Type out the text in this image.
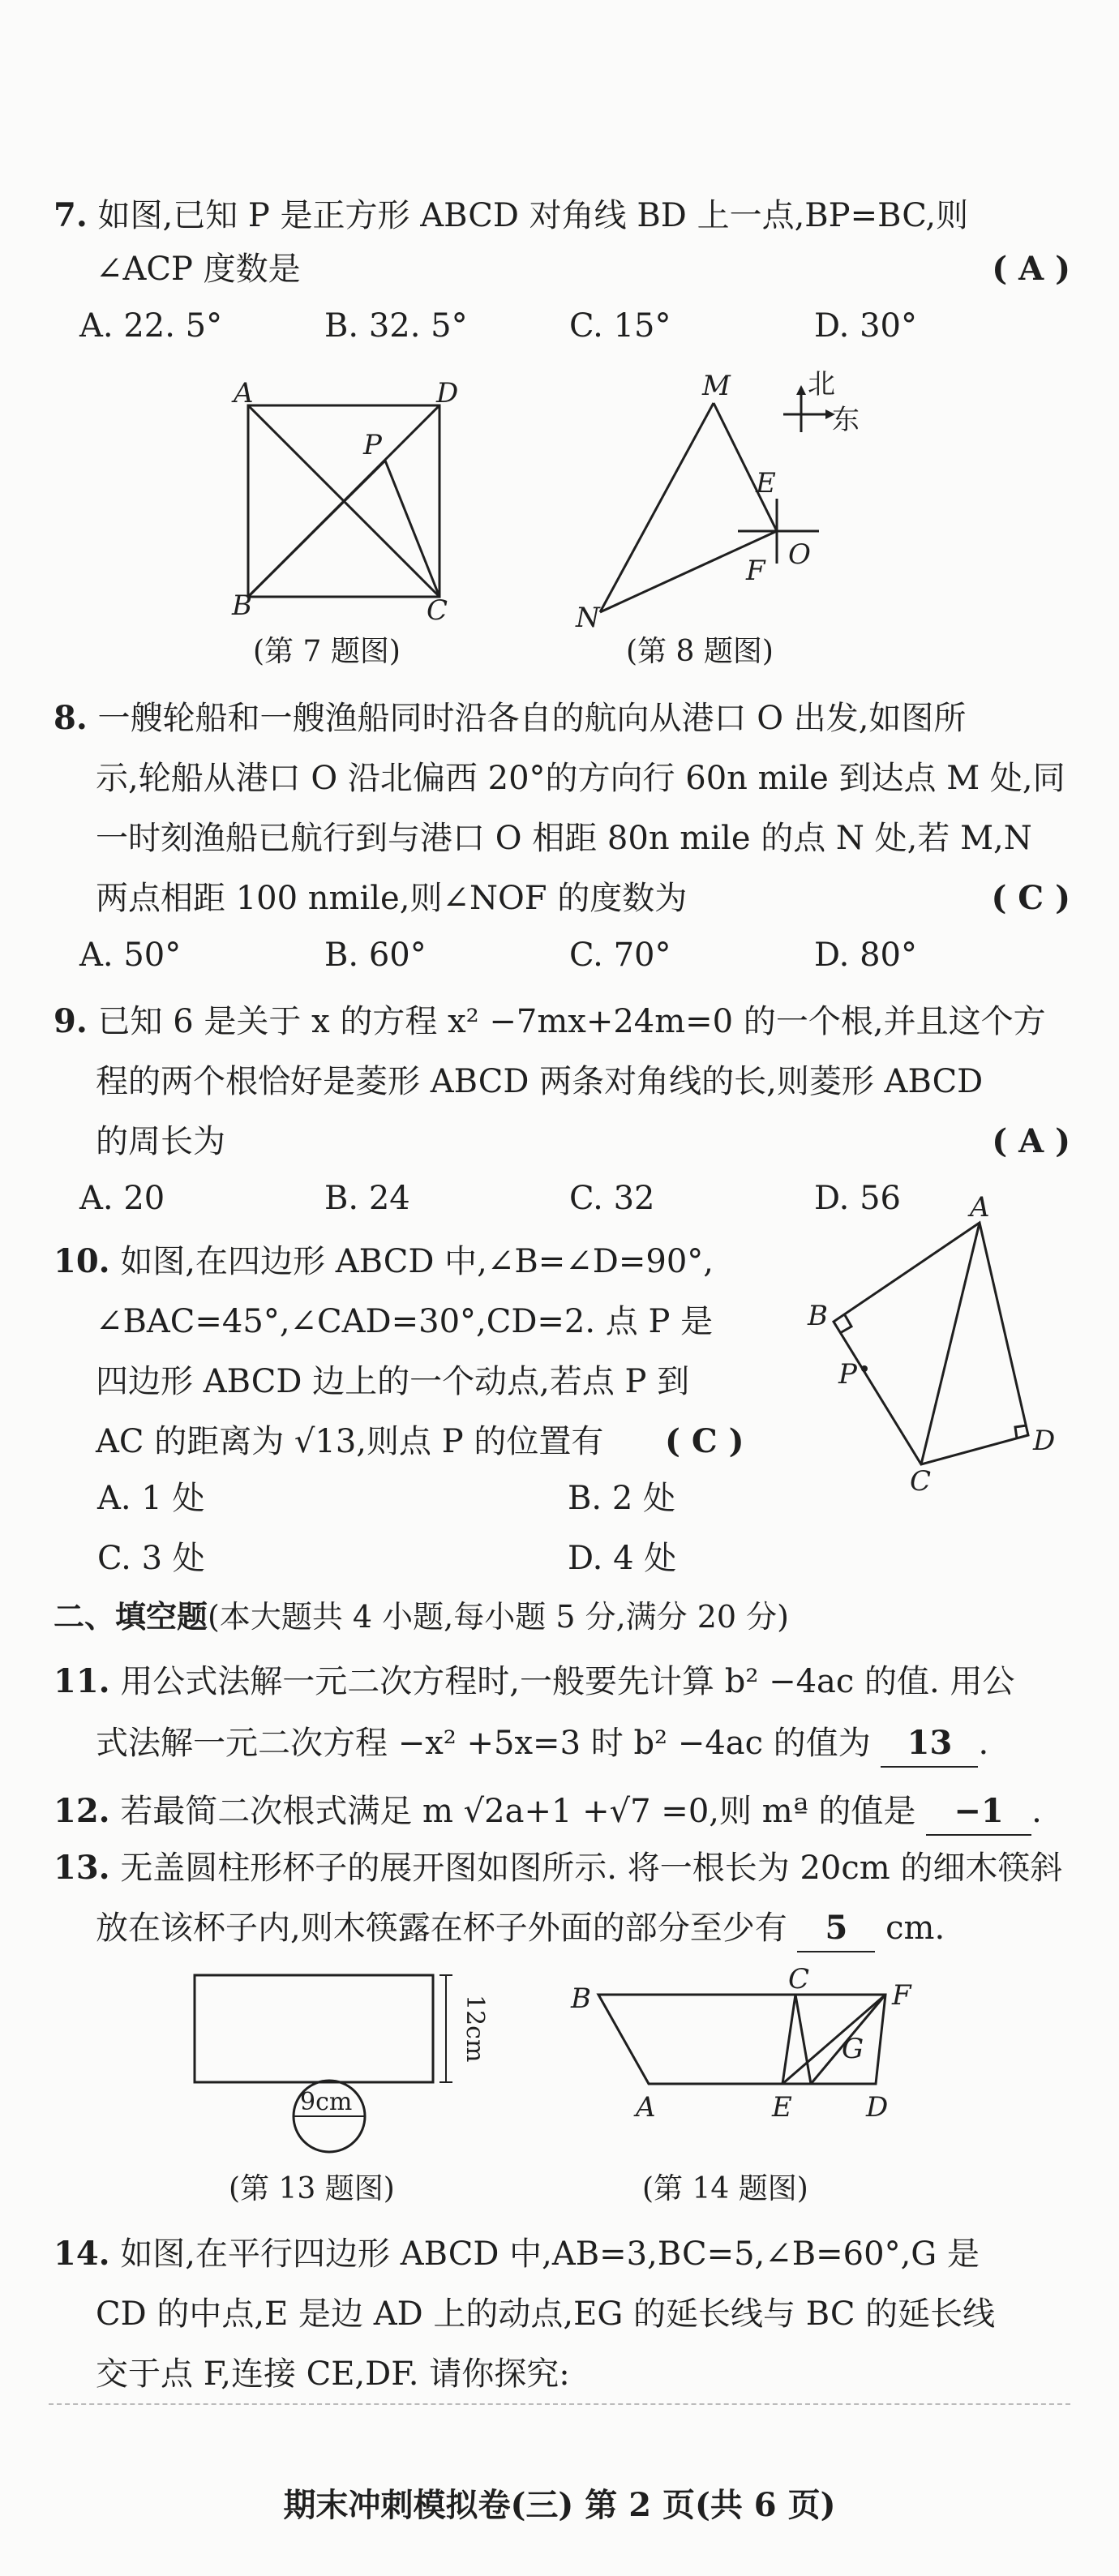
7. 如图,已知 P 是正方形 ABCD 对角线 BD 上一点,BP=BC,则
∠ACP 度数是	( A )
A. 22. 5°	B. 32. 5°	C. 15°	D. 30°
A	D
B	C
P
(第 7 题图)
M
N
E
F O
北
东
(第 8 题图)
8. 一艘轮船和一艘渔船同时沿各自的航向从港口 O 出发,如图所
示,轮船从港口 O 沿北偏西 20°的方向行 60n mile 到达点 M 处,同
一时刻渔船已航行到与港口 O 相距 80n mile 的点 N 处,若 M,N
两点相距 100 nmile,则∠NOF 的度数为	( C )
A. 50°	B. 60°	C. 70°	D. 80°
9. 已知 6 是关于 x 的方程 x² −7mx+24m=0 的一个根,并且这个方
程的两个根恰好是菱形 ABCD 两条对角线的长,则菱形 ABCD
的周长为	( A )
A. 20	B. 24	C. 32	D. 56
10. 如图,在四边形 ABCD 中,∠B=∠D=90°,
∠BAC=45°,∠CAD=30°,CD=2. 点 P 是
四边形 ABCD 边上的一个动点,若点 P 到
AC 的距离为 √13,则点 P 的位置有	( C )
A. 1 处	B. 2 处
C. 3 处	D. 4 处
A
B
C
D
P
二、填空题(本大题共 4 小题,每小题 5 分,满分 20 分)
11. 用公式法解一元二次方程时,一般要先计算 b² −4ac 的值. 用公
式法解一元二次方程 −x² +5x=3 时 b² −4ac 的值为 13 .
12. 若最简二次根式满足 m √2a+1 +√7 =0,则 mª 的值是 −1 .
13. 无盖圆柱形杯子的展开图如图所示. 将一根长为 20cm 的细木筷斜
放在该杯子内,则木筷露在杯子外面的部分至少有 5 cm.
12cm
9cm
(第 13 题图)
B
C	F
G
A	E	D
(第 14 题图)
14. 如图,在平行四边形 ABCD 中,AB=3,BC=5,∠B=60°,G 是
CD 的中点,E 是边 AD 上的动点,EG 的延长线与 BC 的延长线
交于点 F,连接 CE,DF. 请你探究:
期末冲刺模拟卷(三) 第 2 页(共 6 页)
